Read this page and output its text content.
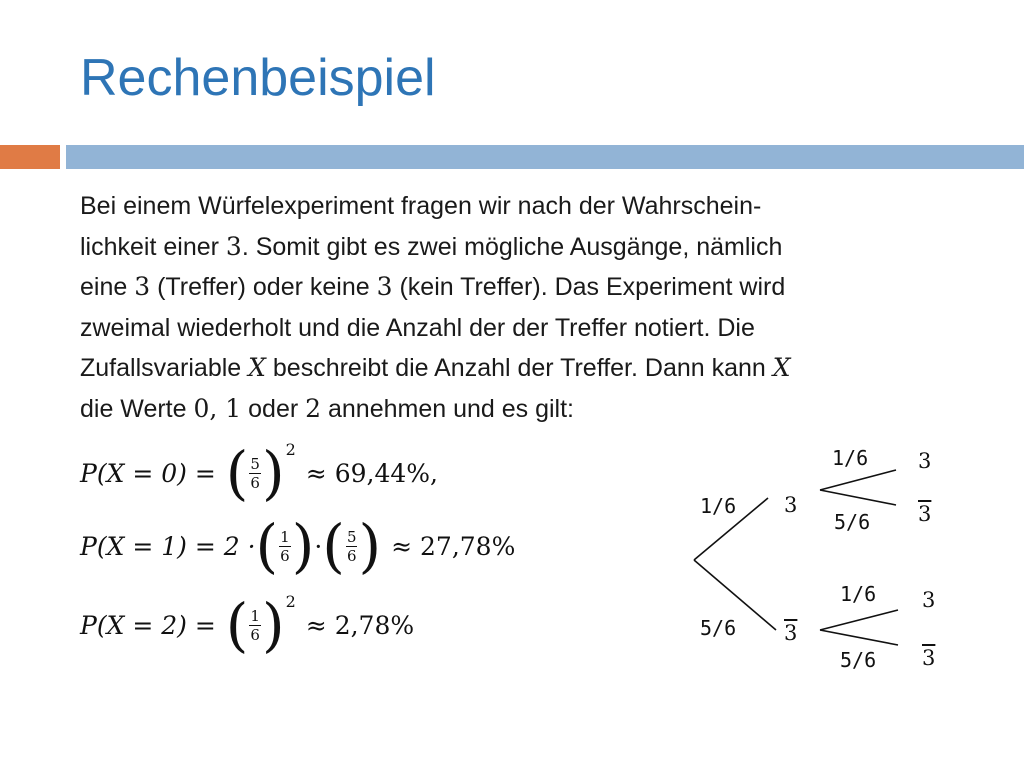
Rechenbeispiel
Bei einem Würfelexperiment fragen wir nach der Wahrschein-
lichkeit einer 3. Somit gibt es zwei mögliche Ausgänge, nämlich
eine 3 (Treffer) oder keine 3 (kein Treffer). Das Experiment wird
zweimal wiederholt und die Anzahl der der Treffer notiert. Die
Zufallsvariable X beschreibt die Anzahl der Treffer. Dann kann X
die Werte 0, 1 oder 2 annehmen und es gilt:
P(X = 0) = ( $\frac{5}{6}$ ) 2
≈ 69,44%,
P(X = 1) = 2 · ( $\frac{1}{6}$ ) · ( $\frac{5}{6}$ ) ≈ 27,78%
P(X = 2) = ( $\frac{1}{6}$ ) 2
≈ 2,78%
1/6
5/6
3
3
1/6
5/6
3
3
1/6
5/6
3
3
